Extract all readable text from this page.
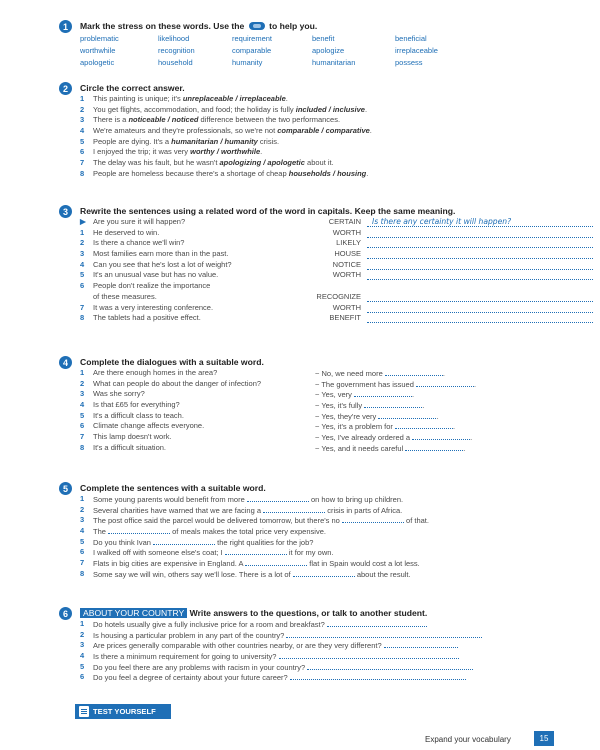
1	Mark the stress on these words. Use the	to help you.
problematic	likelihood	requirement	benefit	beneficial
worthwhile	recognition	comparable	apologize	irreplaceable
apologetic	household	humanity	humanitarian	possess
2	Circle the correct answer.
1 This painting is unique; it's unreplaceable / irreplaceable.
2 You get flights, accommodation, and food; the holiday is fully included / inclusive.
3 There is a noticeable / noticed difference between the two performances.
4 We're amateurs and they're professionals, so we're not comparable / comparative.
5 People are dying. It's a humanitarian / humanity crisis.
6 I enjoyed the trip; it was very worthy / worthwhile.
7 The delay was his fault, but he wasn't apologizing / apologetic about it.
8 People are homeless because there's a shortage of cheap households / housing.
3	Rewrite the sentences using a related word of the word in capitals. Keep the same meaning.
▶ Are you sure it will happen?	CERTAIN Is there any certainty it will happen?
1 He deserved to win.	WORTH
2 Is there a chance we'll win?	LIKELY
3 Most families earn more than in the past.	HOUSE
4 Can you see that he's lost a lot of weight?	NOTICE
5 It's an unusual vase but has no value.	WORTH
6 People don't realize the importance
of these measures.	RECOGNIZE
7 It was a very interesting conference.	WORTH
8 The tablets had a positive effect.	BENEFIT
4	Complete the dialogues with a suitable word.
1 Are there enough homes in the area?	~ No, we need more	.
2 What can people do about the danger of infection?	~ The government has issued	.
3 Was she sorry?	~ Yes, very	.
4 Is that £65 for everything?	~ Yes, it's fully	.
5 It's a difficult class to teach.	~ Yes, they're very	.
6 Climate change affects everyone.	~ Yes, it's a problem for	.
7 This lamp doesn't work.	~ Yes, I've already ordered a	.
8 It's a difficult situation.	~ Yes, and it needs careful	.
5	Complete the sentences with a suitable word.
1 Some young parents would benefit from more	on how to bring up children.
2 Several charities have warned that we are facing a	crisis in parts of Africa.
3 The post office said the parcel would be delivered tomorrow, but there's no	of that.
4 The	of meals makes the total price very expensive.
5 Do you think Ivan	the right qualities for the job?
6 I walked off with someone else's coat; I	it for my own.
7 Flats in big cities are expensive in England. A	flat in Spain would cost a lot less.
8 Some say we will win, others say we'll lose. There is a lot of	about the result.
6	ABOUT YOUR COUNTRY Write answers to the questions, or talk to another student.
1 Do hotels usually give a fully inclusive price for a room and breakfast?
2 Is housing a particular problem in any part of the country?
3 Are prices generally comparable with other countries nearby, or are they very different?
4 Is there a minimum requirement for going to university?
5 Do you feel there are any problems with racism in your country?
6 Do you feel a degree of certainty about your future career?
TEST YOURSELF
Expand your vocabulary	15
